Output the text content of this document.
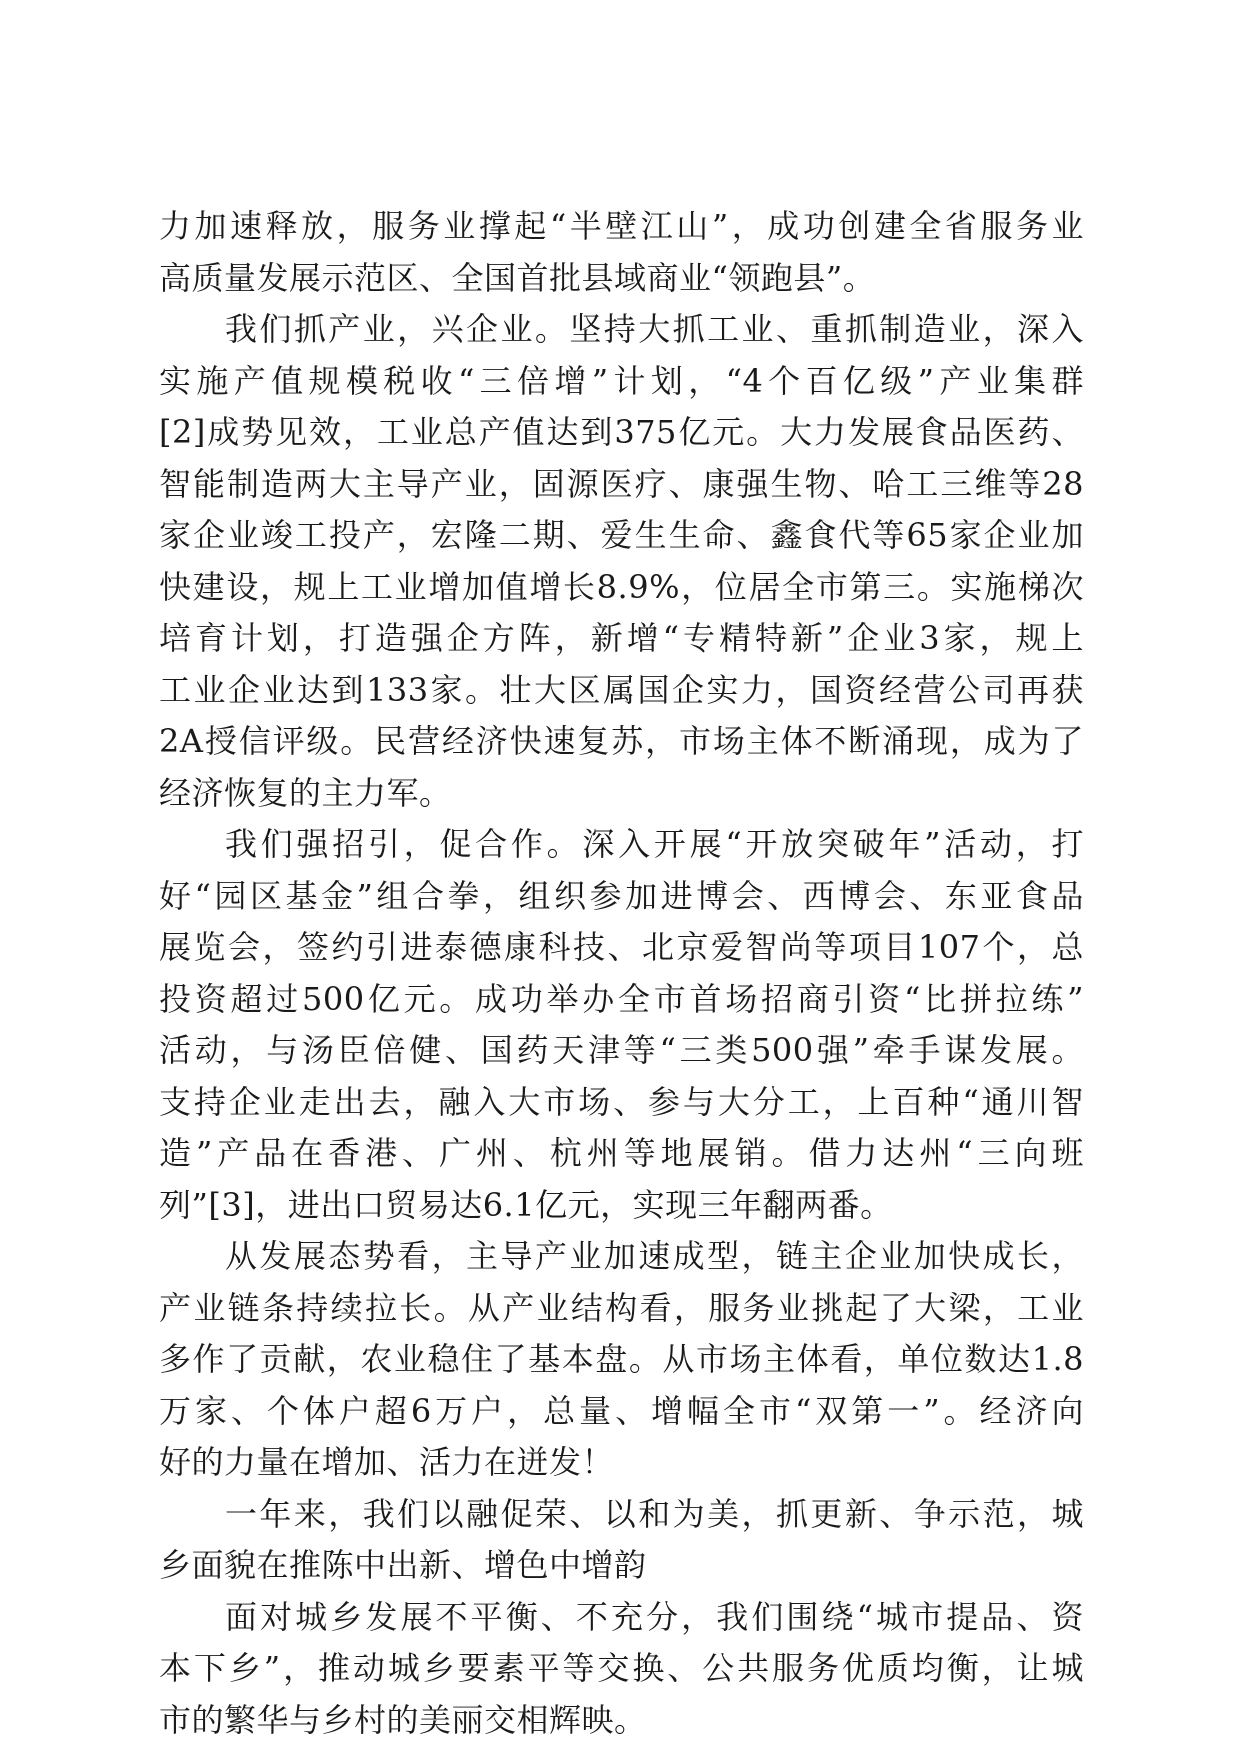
力加速释放，服务业撑起“半壁江山”，成功创建全省服务业
高质量发展示范区、全国首批县域商业“领跑县”。
我们抓产业，兴企业。坚持大抓工业、重抓制造业，深入
实施产值规模税收“三倍增”计划，“4个百亿级”产业集群
[2]成势见效，工业总产值达到375亿元。大力发展食品医药、
智能制造两大主导产业，固源医疗、康强生物、哈工三维等28
家企业竣工投产，宏隆二期、爱生生命、鑫食代等65家企业加
快建设，规上工业增加值增长8.9%，位居全市第三。实施梯次
培育计划，打造强企方阵，新增“专精特新”企业3家，规上
工业企业达到133家。壮大区属国企实力，国资经营公司再获
2A授信评级。民营经济快速复苏，市场主体不断涌现，成为了
经济恢复的主力军。
我们强招引，促合作。深入开展“开放突破年”活动，打
好“园区基金”组合拳，组织参加进博会、西博会、东亚食品
展览会，签约引进泰德康科技、北京爱智尚等项目107个，总
投资超过500亿元。成功举办全市首场招商引资“比拼拉练”
活动，与汤臣倍健、国药天津等“三类500强”牵手谋发展。
支持企业走出去，融入大市场、参与大分工，上百种“通川智
造”产品在香港、广州、杭州等地展销。借力达州“三向班
列”[3]，进出口贸易达6.1亿元，实现三年翻两番。
从发展态势看，主导产业加速成型，链主企业加快成长，
产业链条持续拉长。从产业结构看，服务业挑起了大梁，工业
多作了贡献，农业稳住了基本盘。从市场主体看，单位数达1.8
万家、个体户超6万户，总量、增幅全市“双第一”。经济向
好的力量在增加、活力在迸发！
一年来，我们以融促荣、以和为美，抓更新、争示范，城
乡面貌在推陈中出新、增色中增韵
面对城乡发展不平衡、不充分，我们围绕“城市提品、资
本下乡”，推动城乡要素平等交换、公共服务优质均衡，让城
市的繁华与乡村的美丽交相辉映。
